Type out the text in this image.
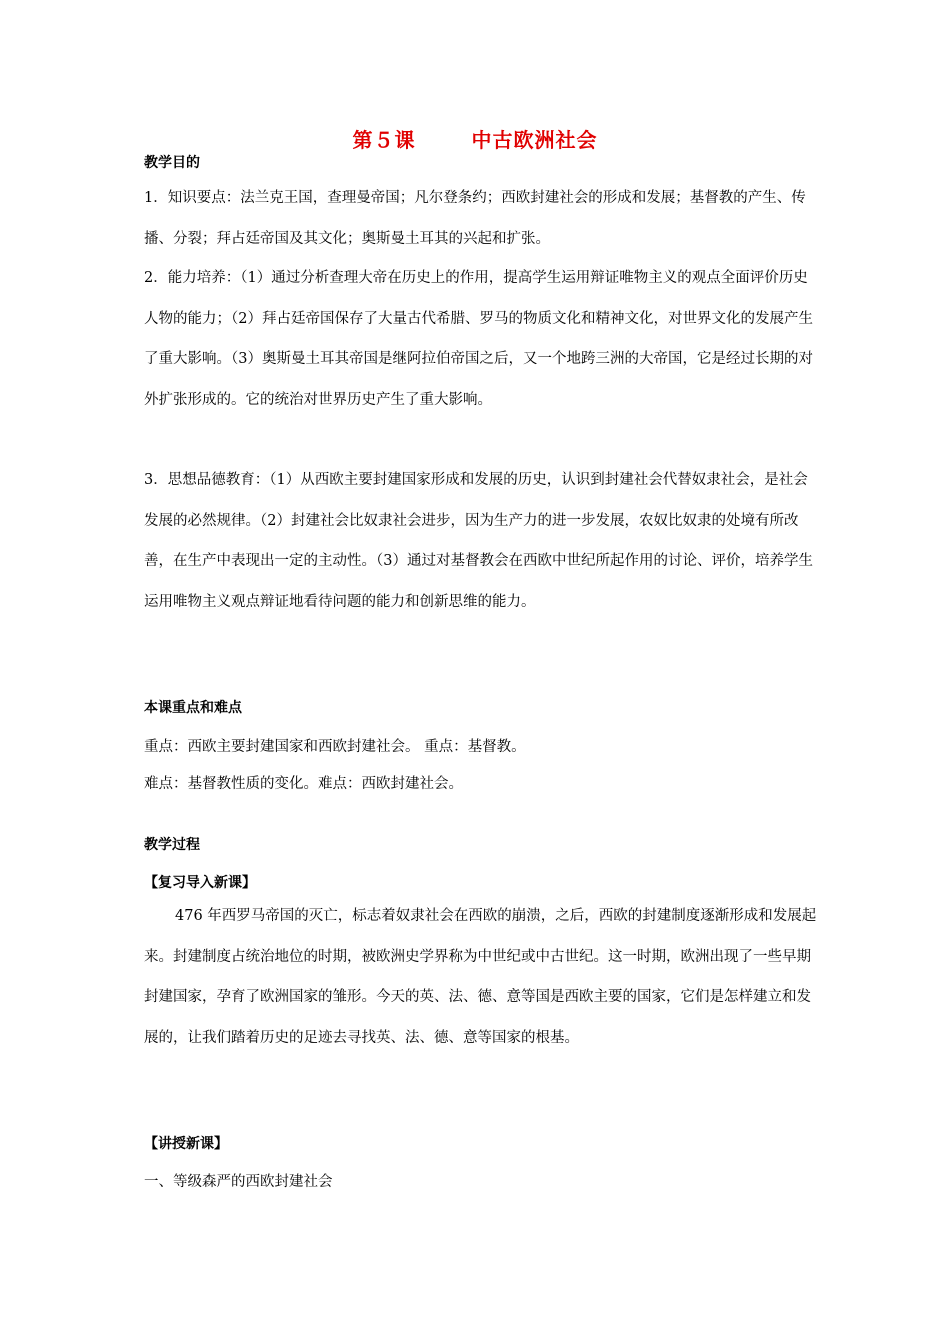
第５课	中古欧洲社会
教学目的
1．知识要点：法兰克王国，查理曼帝国；凡尔登条约；西欧封建社会的形成和发展；基督教的产生、传播、分裂；拜占廷帝国及其文化；奥斯曼土耳其的兴起和扩张。
2．能力培养：（1）通过分析查理大帝在历史上的作用，提高学生运用辩证唯物主义的观点全面评价历史人物的能力；（2）拜占廷帝国保存了大量古代希腊、罗马的物质文化和精神文化，对世界文化的发展产生了重大影响。（3）奥斯曼土耳其帝国是继阿拉伯帝国之后，又一个地跨三洲的大帝国，它是经过长期的对外扩张形成的。它的统治对世界历史产生了重大影响。
3．思想品德教育：（1）从西欧主要封建国家形成和发展的历史，认识到封建社会代替奴隶社会，是社会发展的必然规律。（2）封建社会比奴隶社会进步，因为生产力的进一步发展，农奴比奴隶的处境有所改善，在生产中表现出一定的主动性。（3）通过对基督教会在西欧中世纪所起作用的讨论、评价，培养学生运用唯物主义观点辩证地看待问题的能力和创新思维的能力。
本课重点和难点
重点：西欧主要封建国家和西欧封建社会。 重点：基督教。
难点：基督教性质的变化。难点：西欧封建社会。
教学过程
【复习导入新课】
476 年西罗马帝国的灭亡，标志着奴隶社会在西欧的崩溃，之后，西欧的封建制度逐渐形成和发展起来。封建制度占统治地位的时期，被欧洲史学界称为中世纪或中古世纪。这一时期，欧洲出现了一些早期封建国家，孕育了欧洲国家的雏形。今天的英、法、德、意等国是西欧主要的国家，它们是怎样建立和发展的，让我们踏着历史的足迹去寻找英、法、德、意等国家的根基。
【讲授新课】
一、等级森严的西欧封建社会
